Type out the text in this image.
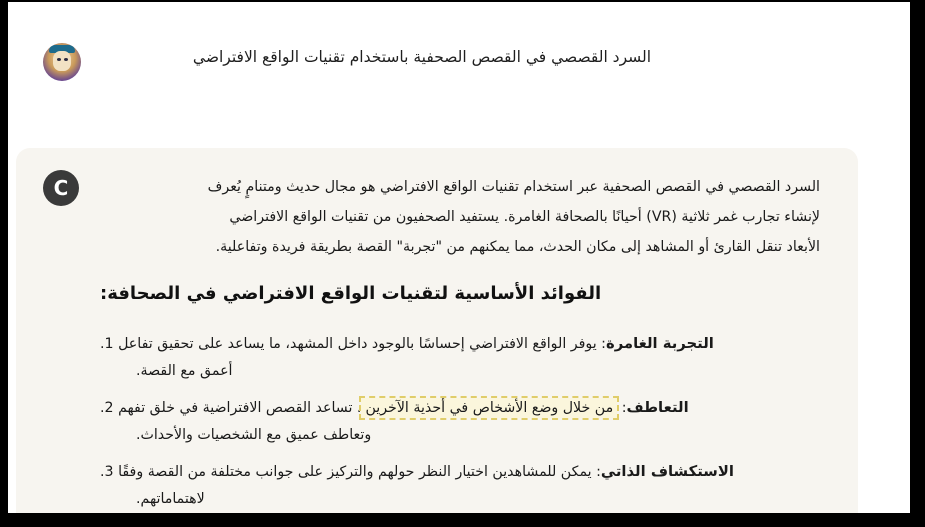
السرد القصصي في القصص الصحفية باستخدام تقنيات الواقع الافتراضي
C	السرد القصصي في القصص الصحفية عبر استخدام تقنيات الواقع الافتراضي هو مجال حديث ومتنامٍ يُعرف
لإنشاء تجارب غمر ثلاثية (VR) أحيانًا بالصحافة الغامرة. يستفيد الصحفيون من تقنيات الواقع الافتراضي
الأبعاد تنقل القارئ أو المشاهد إلى مكان الحدث، مما يمكنهم من "تجربة" القصة بطريقة فريدة وتفاعلية.
الفوائد الأساسية لتقنيات الواقع الافتراضي في الصحافة:
التجربة الغامرة: يوفر الواقع الافتراضي إحساسًا بالوجود داخل المشهد، ما يساعد على تحقيق تفاعل 1.
أعمق مع القصة.
التعاطف: من خلال وضع الأشخاص في أحذية الآخرين، تساعد القصص الافتراضية في خلق تفهم 2.
وتعاطف عميق مع الشخصيات والأحداث.
الاستكشاف الذاتي: يمكن للمشاهدين اختيار النظر حولهم والتركيز على جوانب مختلفة من القصة وفقًا 3.
لاهتماماتهم.
